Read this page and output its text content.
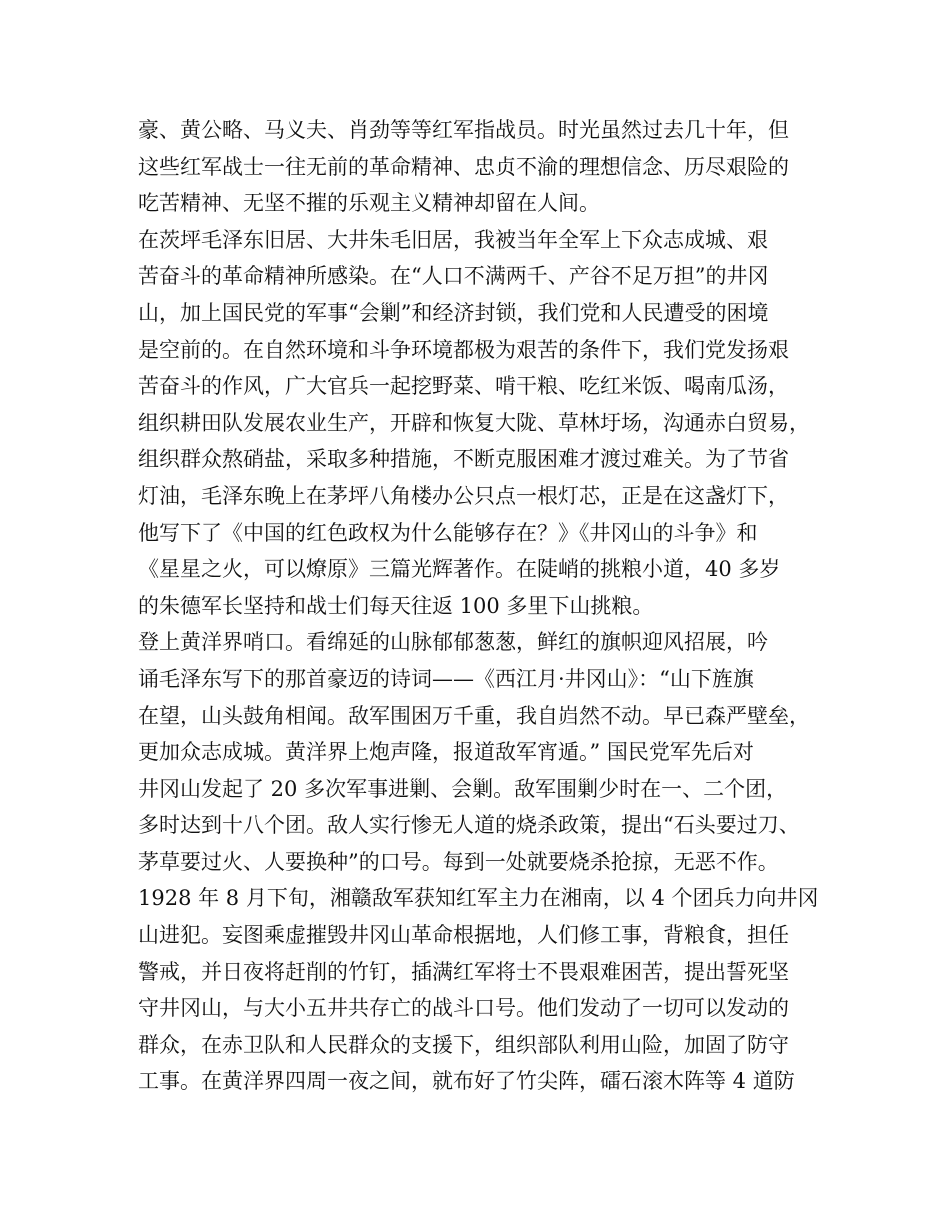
豪、黄公略、马义夫、肖劲等等红军指战员。时光虽然过去几十年，但
这些红军战士一往无前的革命精神、忠贞不渝的理想信念、历尽艰险的
吃苦精神、无坚不摧的乐观主义精神却留在人间。
在茨坪毛泽东旧居、大井朱毛旧居，我被当年全军上下众志成城、艰
苦奋斗的革命精神所感染。在“人口不满两千、产谷不足万担”的井冈
山，加上国民党的军事“会剿”和经济封锁，我们党和人民遭受的困境
是空前的。在自然环境和斗争环境都极为艰苦的条件下，我们党发扬艰
苦奋斗的作风，广大官兵一起挖野菜、啃干粮、吃红米饭、喝南瓜汤，
组织耕田队发展农业生产，开辟和恢复大陇、草林圩场，沟通赤白贸易，
组织群众熬硝盐，采取多种措施，不断克服困难才渡过难关。为了节省
灯油，毛泽东晚上在茅坪八角楼办公只点一根灯芯，正是在这盏灯下，
他写下了《中国的红色政权为什么能够存在？》《井冈山的斗争》和
《星星之火，可以燎原》三篇光辉著作。在陡峭的挑粮小道，40 多岁
的朱德军长坚持和战士们每天往返 100 多里下山挑粮。
登上黄洋界哨口。看绵延的山脉郁郁葱葱，鲜红的旗帜迎风招展，吟
诵毛泽东写下的那首豪迈的诗词——《西江月·井冈山》：“山下旌旗
在望，山头鼓角相闻。敌军围困万千重，我自岿然不动。早已森严壁垒，
更加众志成城。黄洋界上炮声隆，报道敌军宵遁。” 国民党军先后对
井冈山发起了 20 多次军事进剿、会剿。敌军围剿少时在一、二个团，
多时达到十八个团。敌人实行惨无人道的烧杀政策，提出“石头要过刀、
茅草要过火、人要换种”的口号。每到一处就要烧杀抢掠，无恶不作。
1928 年 8 月下旬，湘赣敌军获知红军主力在湘南，以 4 个团兵力向井冈
山进犯。妄图乘虚摧毁井冈山革命根据地，人们修工事，背粮食，担任
警戒，并日夜将赶削的竹钉，插满红军将士不畏艰难困苦，提出誓死坚
守井冈山，与大小五井共存亡的战斗口号。他们发动了一切可以发动的
群众，在赤卫队和人民群众的支援下，组织部队利用山险，加固了防守
工事。在黄洋界四周一夜之间，就布好了竹尖阵，礌石滚木阵等 4 道防
